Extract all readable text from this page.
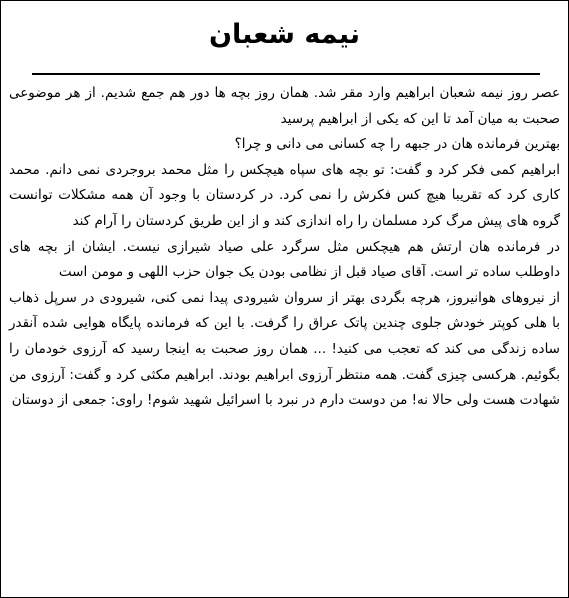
نیمه شعبان

عصر روز نیمه شعبان ابراهیم وارد مقر شد. همان روز بچه ها دور هم جمع شدیم. از هر موضوعی صحبت به میان آمد تا این که یکی از ابراهیم پرسید

بهترین فرمانده هان در جبهه را چه کسانی می دانی و چرا؟

ابراهیم کمی فکر کرد و گفت: تو بچه های سپاه هیچکس را مثل محمد بروجردی نمی دانم. محمد کاری کرد که تقریبا هیچ کس فکرش را نمی کرد. در کردستان با وجود آن همه مشکلات توانست گروه های پیش مرگ کرد مسلمان را راه اندازی کند و از این طریق کردستان را آرام کند

در فرمانده هان ارتش هم هیچکس مثل سرگرد علی صیاد شیرازی نیست. ایشان از بچه های داوطلب ساده تر است. آقای صیاد قبل از نظامی بودن یک جوان حزب اللهی و مومن است

از نیروهای هوانیروز، هرچه بگردی بهتر از سروان شیرودی پیدا نمی کنی، شیرودی در سرپل ذهاب با هلی کوپتر خودش جلوی چندین پاتک عراق را گرفت. با این که فرمانده پایگاه هوایی شده آنقدر ساده زندگی می کند که تعجب می کنید! ... همان روز صحبت به اینجا رسید که آرزوی خودمان را بگوئیم. هرکسی چیزی گفت. همه منتظر آرزوی ابراهیم بودند. ابراهیم مکثی کرد و گفت: آرزوی من شهادت هست ولی حالا نه! من دوست دارم در نبرد با اسرائیل شهید شوم! راوی: جمعی از دوستان
